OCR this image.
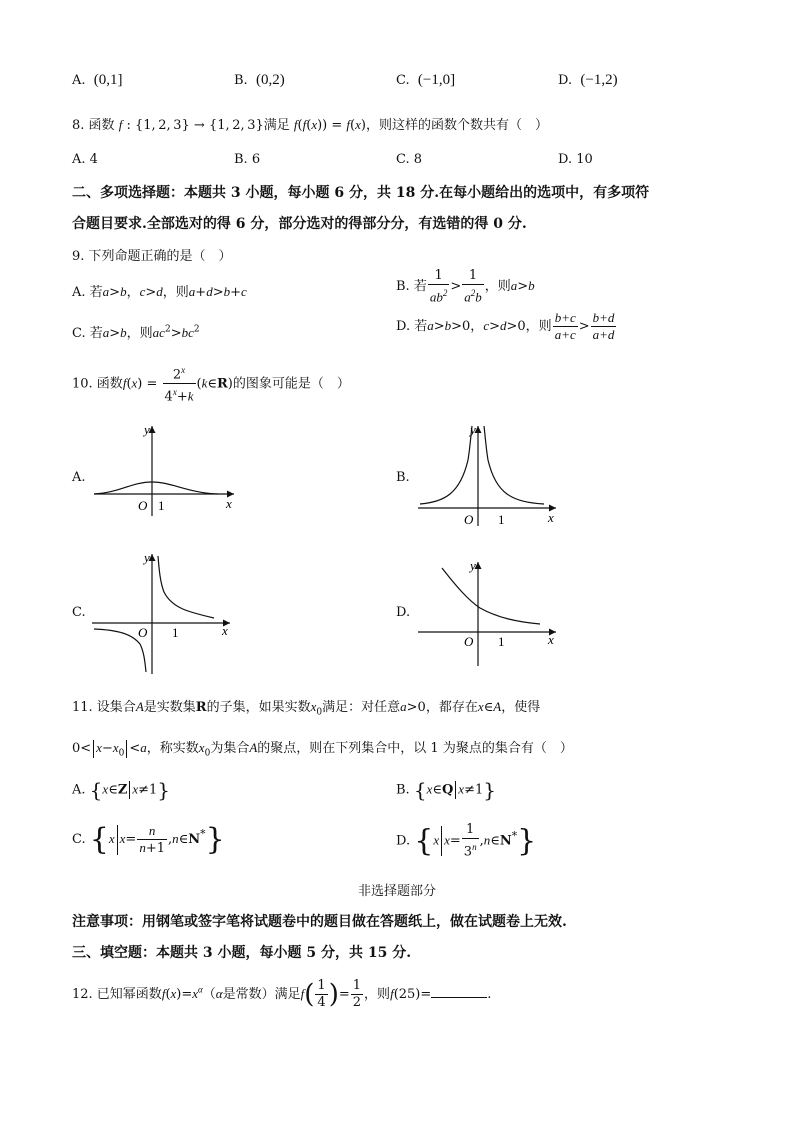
A. (0,1]	B. (0,2)	C. (−1,0]	D. (−1,2)
8. 函数 f : {1, 2, 3} → {1, 2, 3}满足 f(f(x)) = f(x)，则这样的函数个数共有（　）
A. 4	B. 6	C. 8	D. 10
二、多项选择题：本题共 3 小题，每小题 6 分，共 18 分.在每小题给出的选项中，有多项符
合题目要求.全部选对的得 6 分，部分选对的得部分分，有选错的得 0 分.
9. 下列命题正确的是（　）
A. 若a>b，c>d，则a+d>b+c	B. 若 $\frac{1}{ab^2} > \frac{1}{a^2b}$ ，则a>b
C. 若a>b，则$ac^2>bc^2$	D. 若a>b>0，c>d>0，则 $\frac{b+c}{a+c} > \frac{b+d}{a+d}$
10. 函数$f(x) = \frac{2^x}{4^x+k}$ (k∈R)的图象可能是（　）
A.
O 1	x
y
B.
O 1	x
y
C.
O 1	x
y
D.
O 1	x
y
11. 设集合A是实数集R的子集，如果实数$x_0$满足：对任意a>0，都存在x∈A，使得
$0< x-x_0 <a$，称实数$x_0$为集合A的聚点，则在下列集合中，以 1 为聚点的集合有（　）
A. {x∈Z x≠1}	B. {x∈Q x≠1}
C. {x $x= \frac{n}{n+1}$ ,n∈N*}	D. {x $x= \frac{1}{3^n}$ ,n∈N*}
非选择题部分
注意事项：用钢笔或签字笔将试题卷中的题目做在答题纸上，做在试题卷上无效.
三、填空题：本题共 3 小题，每小题 5 分，共 15 分.
12. 已知幂函数$f(x)=x^\alpha(\alpha$是常数）满足$f( \frac{1}{4}$ )= $\frac{1}{2}$ ，则f(25)=	.
